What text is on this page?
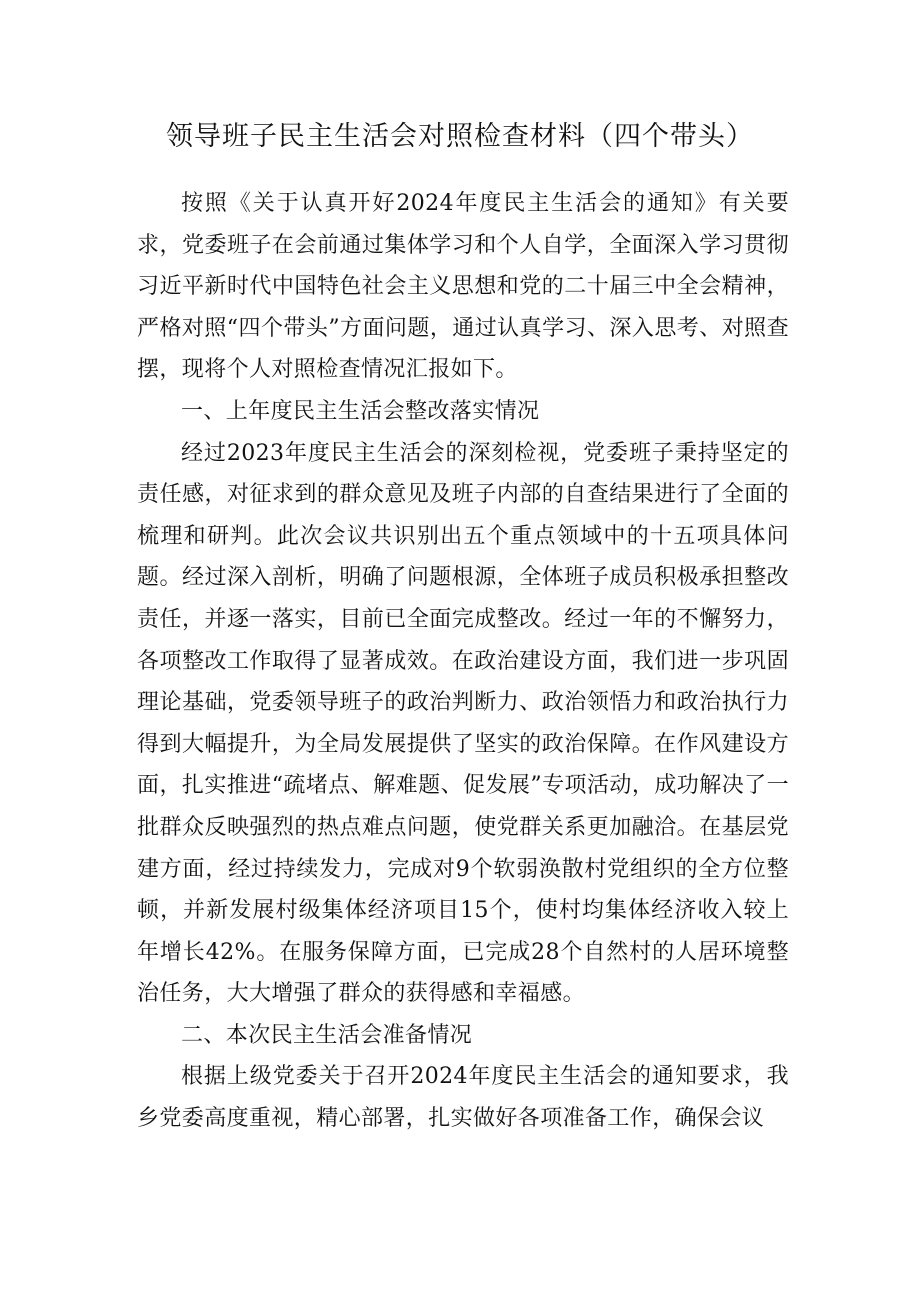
领导班子民主生活会对照检查材料（四个带头）

按照《关于认真开好2024年度民主生活会的通知》有关要求，党委班子在会前通过集体学习和个人自学，全面深入学习贯彻习近平新时代中国特色社会主义思想和党的二十届三中全会精神，严格对照“四个带头”方面问题，通过认真学习、深入思考、对照查摆，现将个人对照检查情况汇报如下。

一、上年度民主生活会整改落实情况

经过2023年度民主生活会的深刻检视，党委班子秉持坚定的责任感，对征求到的群众意见及班子内部的自查结果进行了全面的梳理和研判。此次会议共识别出五个重点领域中的十五项具体问题。经过深入剖析，明确了问题根源，全体班子成员积极承担整改责任，并逐一落实，目前已全面完成整改。经过一年的不懈努力，各项整改工作取得了显著成效。在政治建设方面，我们进一步巩固理论基础，党委领导班子的政治判断力、政治领悟力和政治执行力得到大幅提升，为全局发展提供了坚实的政治保障。在作风建设方面，扎实推进“疏堵点、解难题、促发展”专项活动，成功解决了一批群众反映强烈的热点难点问题，使党群关系更加融洽。在基层党建方面，经过持续发力，完成对9个软弱涣散村党组织的全方位整顿，并新发展村级集体经济项目15个，使村均集体经济收入较上年增长42%。在服务保障方面，已完成28个自然村的人居环境整治任务，大大增强了群众的获得感和幸福感。

二、本次民主生活会准备情况

根据上级党委关于召开2024年度民主生活会的通知要求，我乡党委高度重视，精心部署，扎实做好各项准备工作，确保会议
